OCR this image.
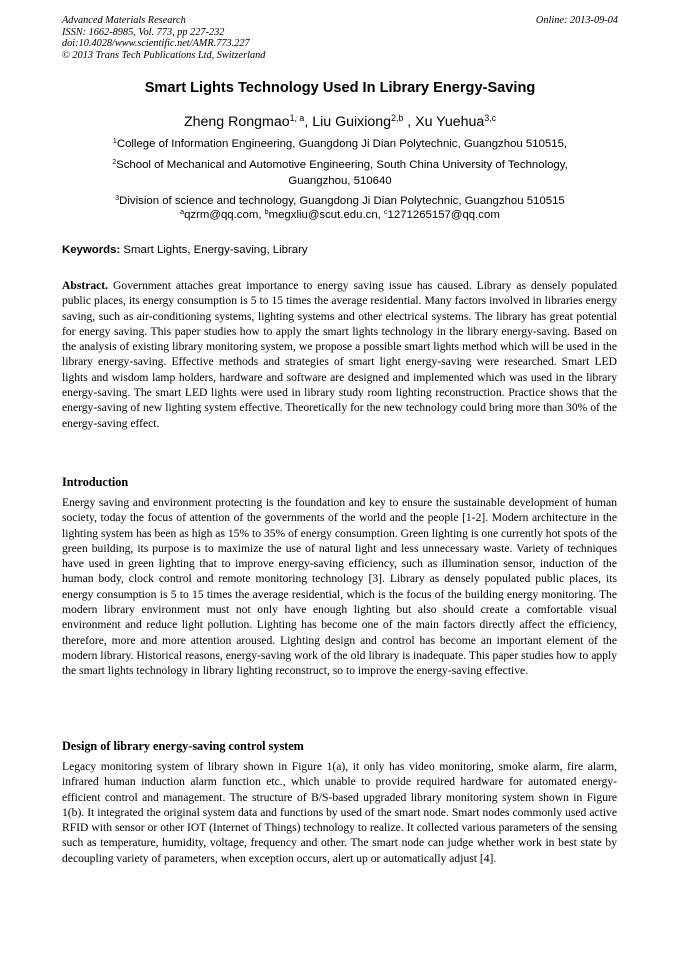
Advanced Materials Research
ISSN: 1662-8985, Vol. 773, pp 227-232
doi:10.4028/www.scientific.net/AMR.773.227
© 2013 Trans Tech Publications Ltd, Switzerland
Online: 2013-09-04
Smart Lights Technology Used In Library Energy-Saving
Zheng Rongmao$^{1, a}$, Liu Guixiong$^{2,b}$ , Xu Yuehua$^{3,c}$
$^1$College of Information Engineering, Guangdong Ji Dian Polytechnic, Guangzhou 510515,
$^2$School of Mechanical and Automotive Engineering, South China University of Technology,
Guangzhou, 510640
$^3$Division of science and technology, Guangdong Ji Dian Polytechnic, Guangzhou 510515
$^a$qzrm@qq.com, $^b$megxliu@scut.edu.cn, $^c$1271265157@qq.com
Keywords: Smart Lights, Energy-saving, Library
Abstract. Government attaches great importance to energy saving issue has caused. Library as densely populated public places, its energy consumption is 5 to 15 times the average residential. Many factors involved in libraries energy saving, such as air-conditioning systems, lighting systems and other electrical systems. The library has great potential for energy saving. This paper studies how to apply the smart lights technology in the library energy-saving. Based on the analysis of existing library monitoring system, we propose a possible smart lights method which will be used in the library energy-saving. Effective methods and strategies of smart light energy-saving were researched. Smart LED lights and wisdom lamp holders, hardware and software are designed and implemented which was used in the library energy-saving. The smart LED lights were used in library study room lighting reconstruction. Practice shows that the energy-saving of new lighting system effective. Theoretically for the new technology could bring more than 30% of the energy-saving effect.
Introduction
Energy saving and environment protecting is the foundation and key to ensure the sustainable development of human society, today the focus of attention of the governments of the world and the people [1-2]. Modern architecture in the lighting system has been as high as 15% to 35% of energy consumption. Green lighting is one currently hot spots of the green building, its purpose is to maximize the use of natural light and less unnecessary waste. Variety of techniques have used in green lighting that to improve energy-saving efficiency, such as illumination sensor, induction of the human body, clock control and remote monitoring technology [3]. Library as densely populated public places, its energy consumption is 5 to 15 times the average residential, which is the focus of the building energy monitoring. The modern library environment must not only have enough lighting but also should create a comfortable visual environment and reduce light pollution. Lighting has become one of the main factors directly affect the efficiency, therefore, more and more attention aroused. Lighting design and control has become an important element of the modern library. Historical reasons, energy-saving work of the old library is inadequate. This paper studies how to apply the smart lights technology in library lighting reconstruct, so to improve the energy-saving effective.
Design of library energy-saving control system
Legacy monitoring system of library shown in Figure 1(a), it only has video monitoring, smoke alarm, fire alarm, infrared human induction alarm function etc., which unable to provide required hardware for automated energy-efficient control and management. The structure of B/S-based upgraded library monitoring system shown in Figure 1(b). It integrated the original system data and functions by used of the smart node. Smart nodes commonly used active RFID with sensor or other IOT (Internet of Things) technology to realize. It collected various parameters of the sensing such as temperature, humidity, voltage, frequency and other. The smart node can judge whether work in best state by decoupling variety of parameters, when exception occurs, alert up or automatically adjust [4].
